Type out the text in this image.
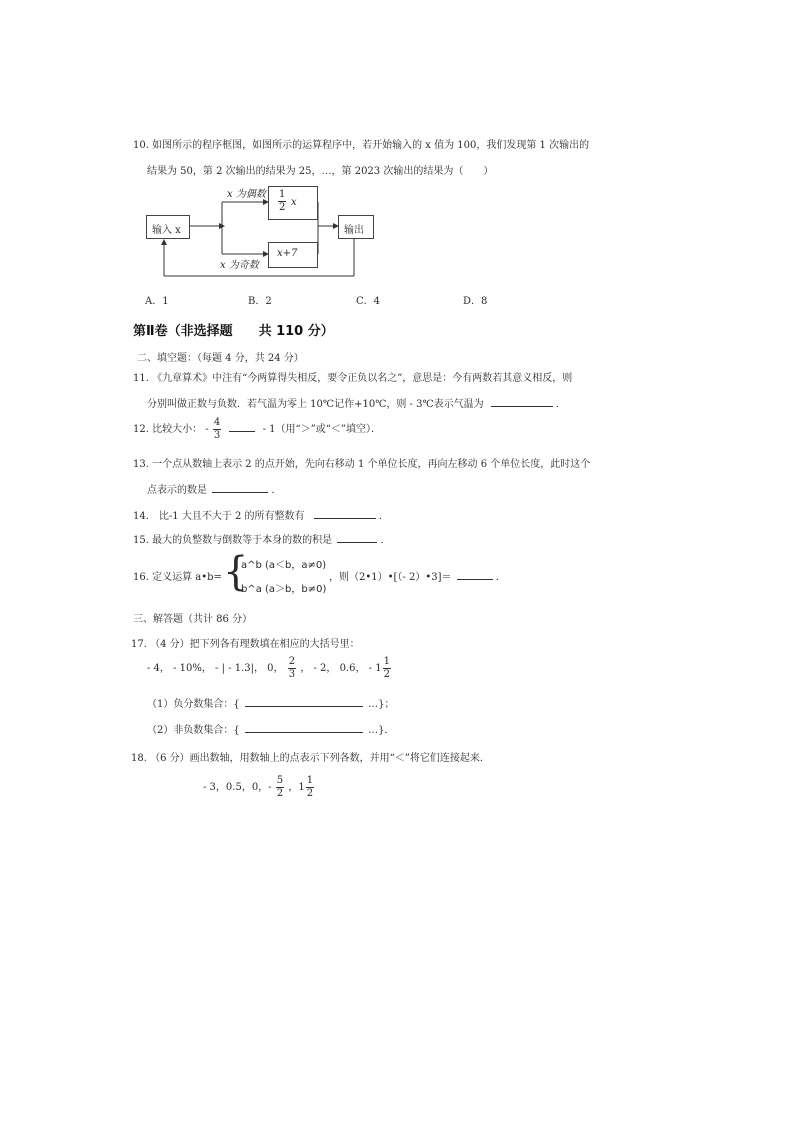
10. 如图所示的程序框图，如图所示的运算程序中，若开始输入的 x 值为 100，我们发现第 1 次输出的
结果为 50，第 2 次输出的结果为 25，…，第 2023 次输出的结果为（　　）
输入 x
x 为偶数 $\frac{1}{2}$ x
x+7
x 为奇数
输出
A．1	B．2	C．4	D．8
第Ⅱ卷（非选择题　　共 110 分）
二、填空题：（每题 4 分，共 24 分）
11. 《九章算术》中注有“今两算得失相反，要令正负以名之”，意思是：今有两数若其意义相反，则
分别叫做正数与负数．若气温为零上 10℃记作+10℃，则 - 3℃表示气温为	．
12. 比较大小： - $\frac{4}{3}$	- 1（用“＞”或“＜”填空）．
13. 一个点从数轴上表示 2 的点开始，先向右移动 1 个单位长度，再向左移动 6 个单位长度，此时这个
点表示的数是	．
14.　比-1 大且不大于 2 的所有整数有	．
15. 最大的负整数与倒数等于本身的数的积是	．
16. 定义运算 a•b= {
a^b (a＜b，a≠0)
b^a (a＞b，b≠0)
，则（2•1）•[（- 2）•3]＝	．
三、解答题（共计 86 分）
17. （4 分）把下列各有理数填在相应的大括号里：
- 4， - 10%， - | - 1.3|， 0， $\frac{2}{3}$ ， - 2， 0.6， - $1 \frac{1}{2}$
（1）负分数集合：{	…}；
（2）非负数集合：{	…}．
18. （6 分）画出数轴，用数轴上的点表示下列各数，并用“＜”将它们连接起来．
- 3，0.5，0，- $\frac{5}{2}$ ，$1 \frac{1}{2}$
